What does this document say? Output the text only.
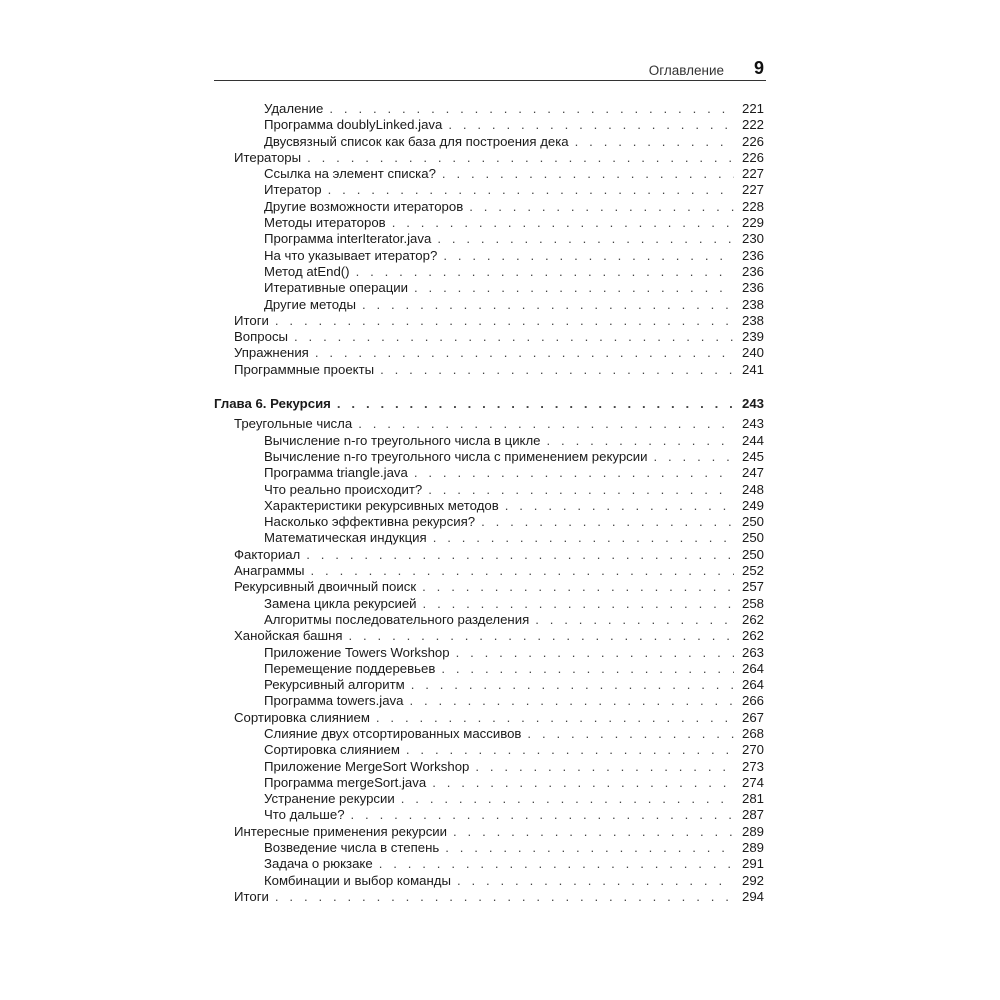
Оглавление 9
Удаление . . .	221
Программа doublyLinked.java . . .	222
Двусвязный список как база для построения дека . . .	226
Итераторы . . .	226
Ссылка на элемент списка? . . .	227
Итератор . . .	227
Другие возможности итераторов . . .	228
Методы итераторов . . .	229
Программа interIterator.java . . .	230
На что указывает итератор? . . .	236
Метод atEnd() . . .	236
Итеративные операции . . .	236
Другие методы . . .	238
Итоги . . .	238
Вопросы . . .	239
Упражнения . . .	240
Программные проекты . . .	241
Глава 6. Рекурсия . . .	243
Треугольные числа . . .	243
Вычисление n-го треугольного числа в цикле . . .	244
Вычисление n-го треугольного числа с применением рекурсии . . .	245
Программа triangle.java . . .	247
Что реально происходит? . . .	248
Характеристики рекурсивных методов . . .	249
Насколько эффективна рекурсия? . . .	250
Математическая индукция . . .	250
Факториал . . .	250
Анаграммы . . .	252
Рекурсивный двоичный поиск . . .	257
Замена цикла рекурсией . . .	258
Алгоритмы последовательного разделения . . .	262
Ханойская башня . . .	262
Приложение Towers Workshop . . .	263
Перемещение поддеревьев . . .	264
Рекурсивный алгоритм . . .	264
Программа towers.java . . .	266
Сортировка слиянием . . .	267
Слияние двух отсортированных массивов . . .	268
Сортировка слиянием . . .	270
Приложение MergeSort Workshop . . .	273
Программа mergeSort.java . . .	274
Устранение рекурсии . . .	281
Что дальше? . . .	287
Интересные применения рекурсии . . .	289
Возведение числа в степень . . .	289
Задача о рюкзаке . . .	291
Комбинации и выбор команды . . .	292
Итоги . . .	294
